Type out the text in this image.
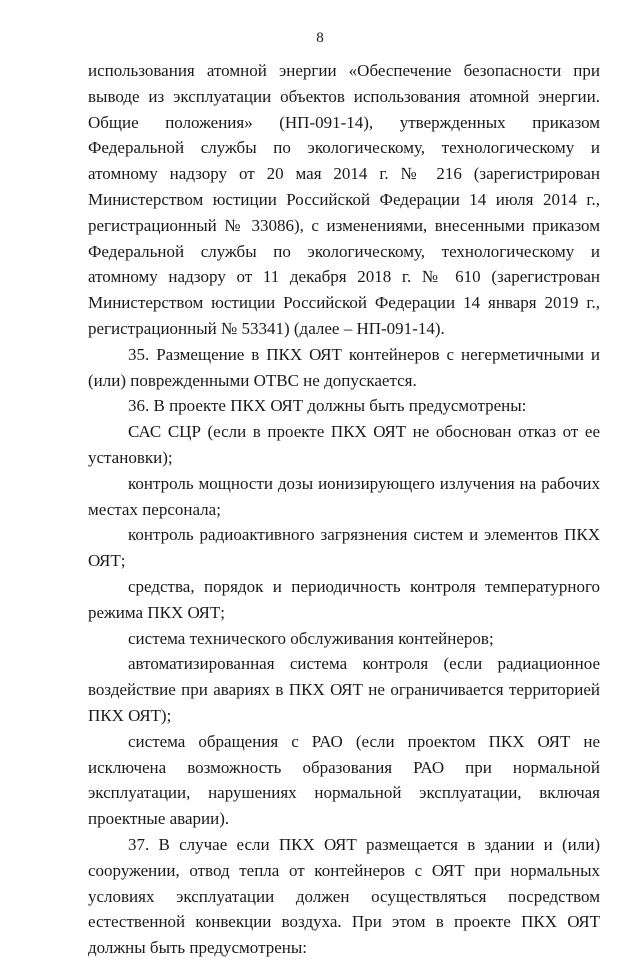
8

использования атомной энергии «Обеспечение безопасности при выводе из эксплуатации объектов использования атомной энергии. Общие положения» (НП-091-14), утвержденных приказом Федеральной службы по экологическому, технологическому и атомному надзору от 20 мая 2014 г. № 216 (зарегистрирован Министерством юстиции Российской Федерации 14 июля 2014 г., регистрационный № 33086), с изменениями, внесенными приказом Федеральной службы по экологическому, технологическому и атомному надзору от 11 декабря 2018 г. № 610 (зарегистрован Министерством юстиции Российской Федерации 14 января 2019 г., регистрационный № 53341) (далее – НП-091-14).

35. Размещение в ПКХ ОЯТ контейнеров с негерметичными и (или) поврежденными ОТВС не допускается.

36. В проекте ПКХ ОЯТ должны быть предусмотрены:

САС СЦР (если в проекте ПКХ ОЯТ не обоснован отказ от ее установки);

контроль мощности дозы ионизирующего излучения на рабочих местах персонала;

контроль радиоактивного загрязнения систем и элементов ПКХ ОЯТ;

средства, порядок и периодичность контроля температурного режима ПКХ ОЯТ;

система технического обслуживания контейнеров;

автоматизированная система контроля (если радиационное воздействие при авариях в ПКХ ОЯТ не ограничивается территорией ПКХ ОЯТ);

система обращения с РАО (если проектом ПКХ ОЯТ не исключена возможность образования РАО при нормальной эксплуатации, нарушениях нормальной эксплуатации, включая проектные аварии).

37. В случае если ПКХ ОЯТ размещается в здании и (или) сооружении, отвод тепла от контейнеров с ОЯТ при нормальных условиях эксплуатации должен осуществляться посредством естественной конвекции воздуха. При этом в проекте ПКХ ОЯТ должны быть предусмотрены:
